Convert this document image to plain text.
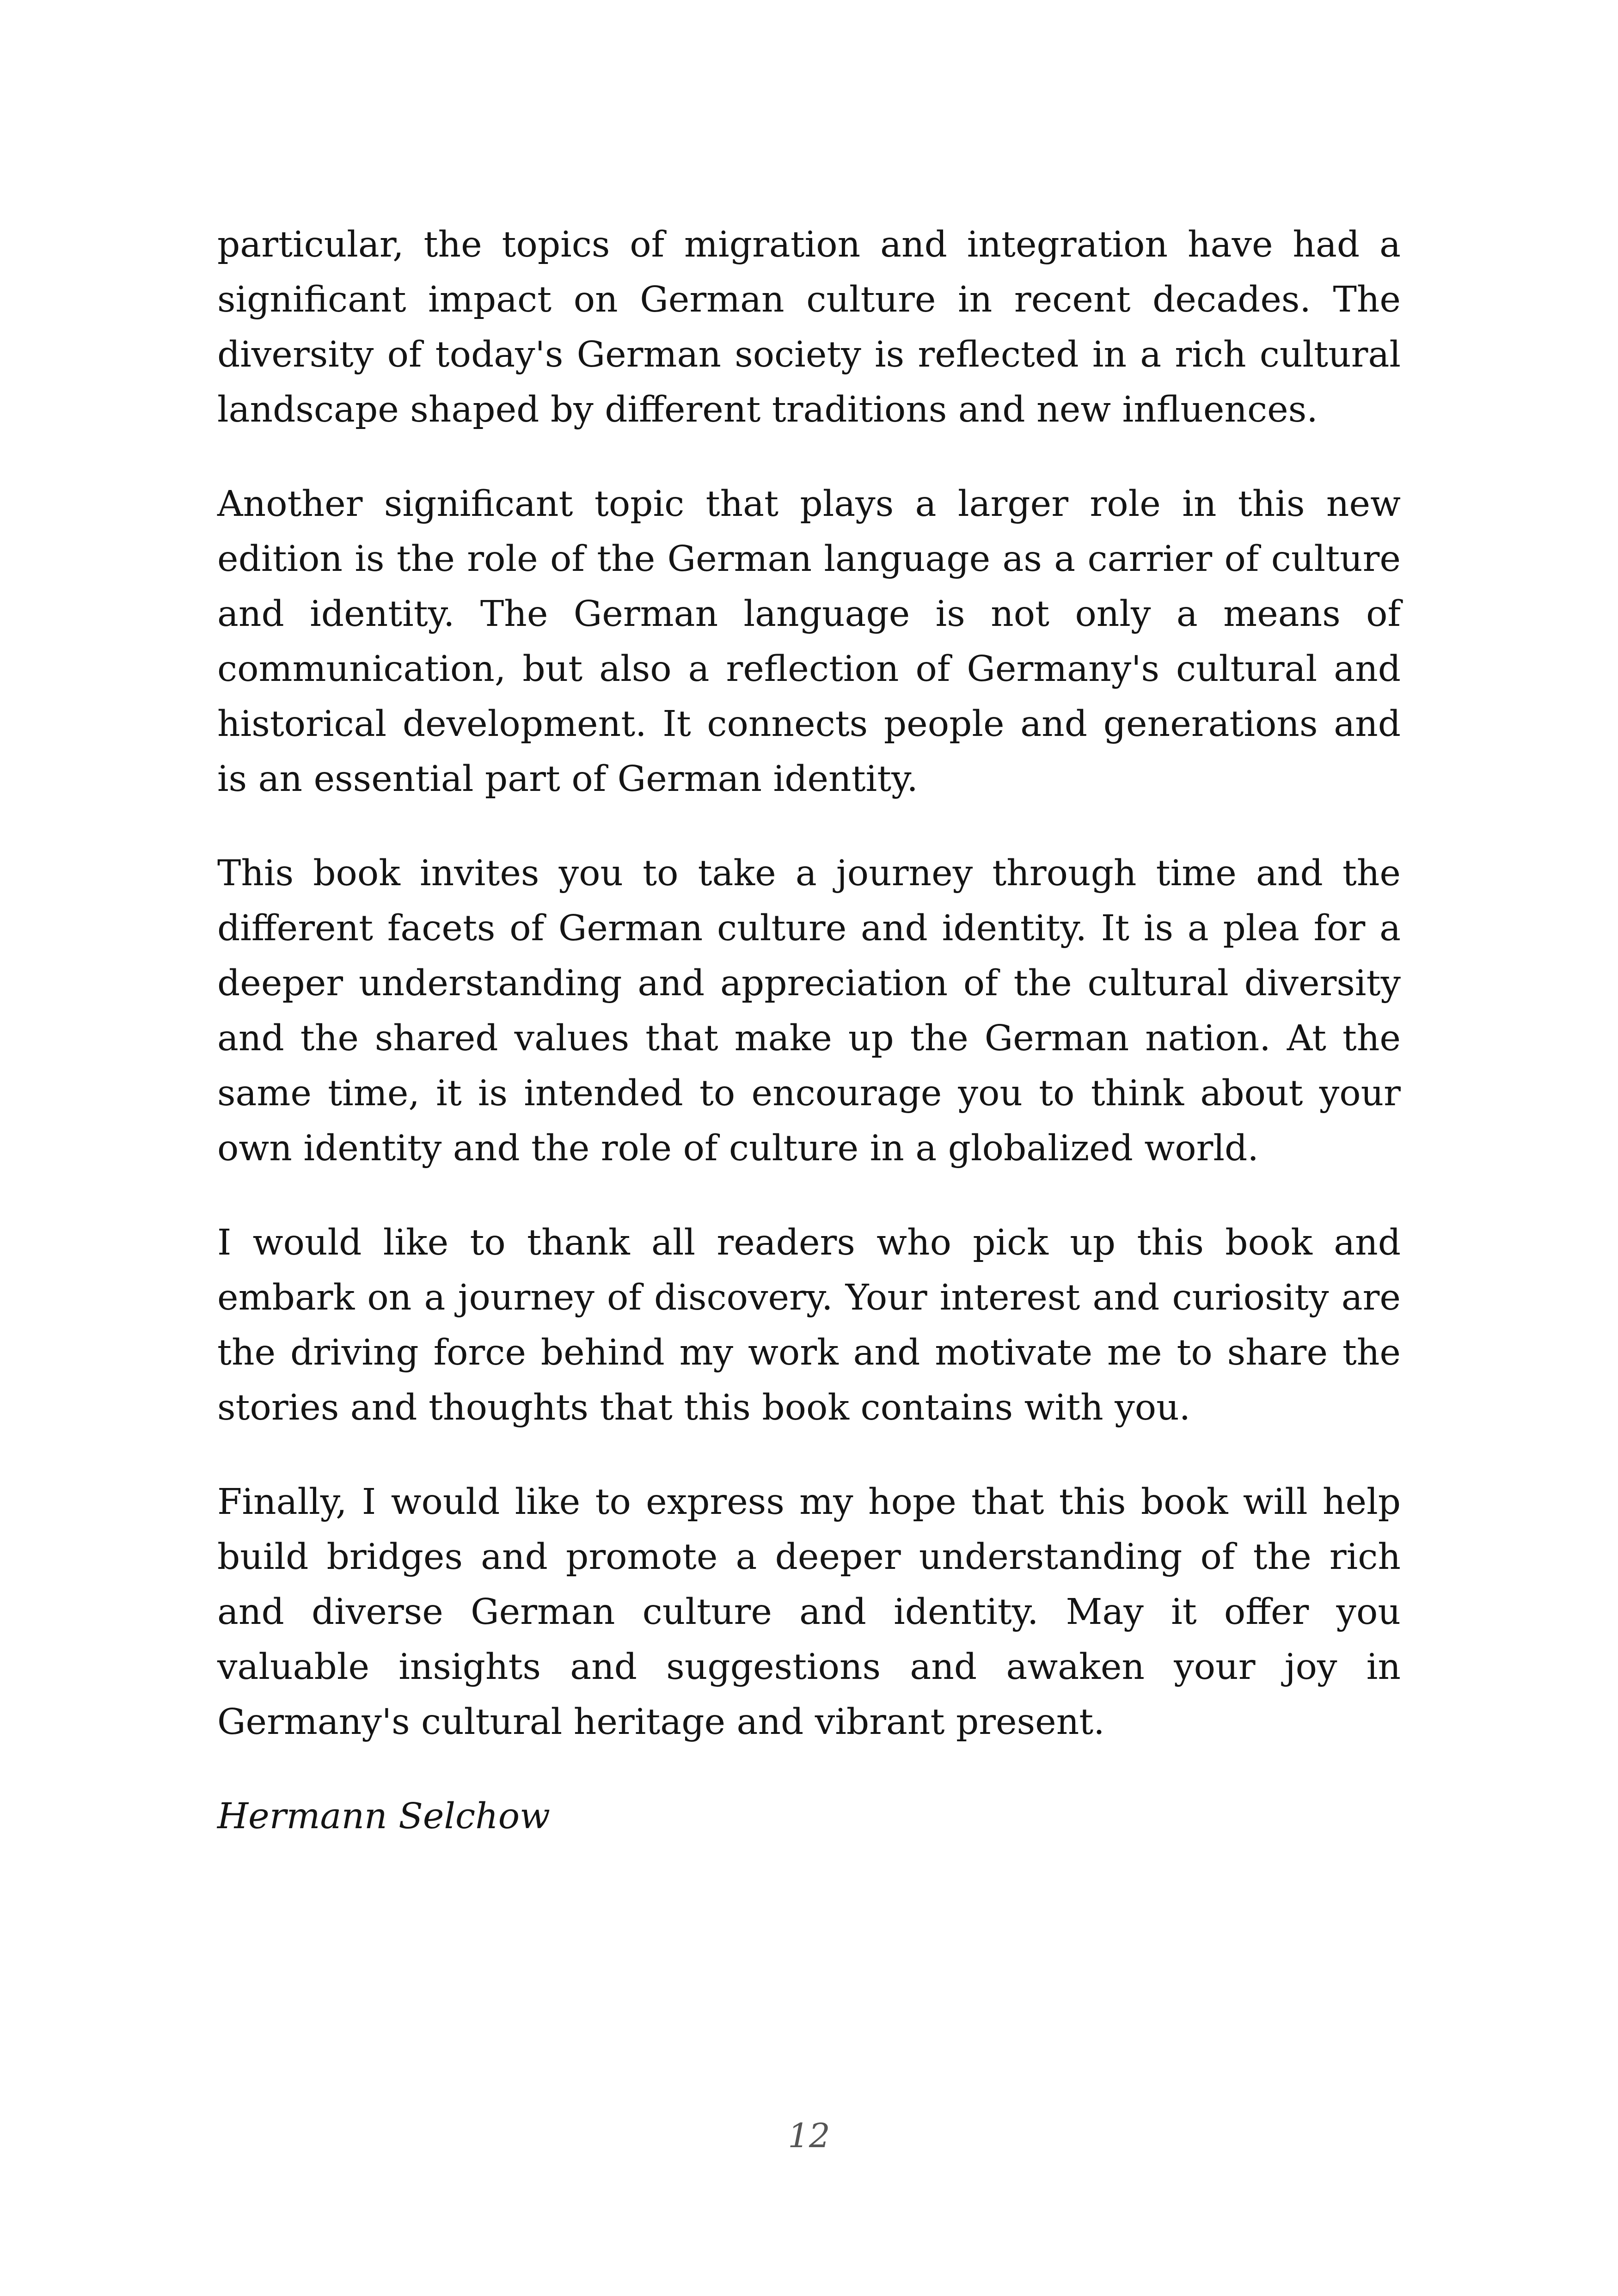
particular, the topics of migration and integration have had a significant impact on German culture in recent decades. The diversity of today's German society is reflected in a rich cultural landscape shaped by different traditions and new influences.

Another significant topic that plays a larger role in this new edition is the role of the German language as a carrier of culture and identity. The German language is not only a means of communication, but also a reflection of Germany's cultural and historical development. It connects people and generations and is an essential part of German identity.

This book invites you to take a journey through time and the different facets of German culture and identity. It is a plea for a deeper understanding and appreciation of the cultural diversity and the shared values that make up the German nation. At the same time, it is intended to encourage you to think about your own identity and the role of culture in a globalized world.

I would like to thank all readers who pick up this book and embark on a journey of discovery. Your interest and curiosity are the driving force behind my work and motivate me to share the stories and thoughts that this book contains with you.

Finally, I would like to express my hope that this book will help build bridges and promote a deeper understanding of the rich and diverse German culture and identity. May it offer you valuable insights and suggestions and awaken your joy in Germany's cultural heritage and vibrant present.

Hermann Selchow

12
